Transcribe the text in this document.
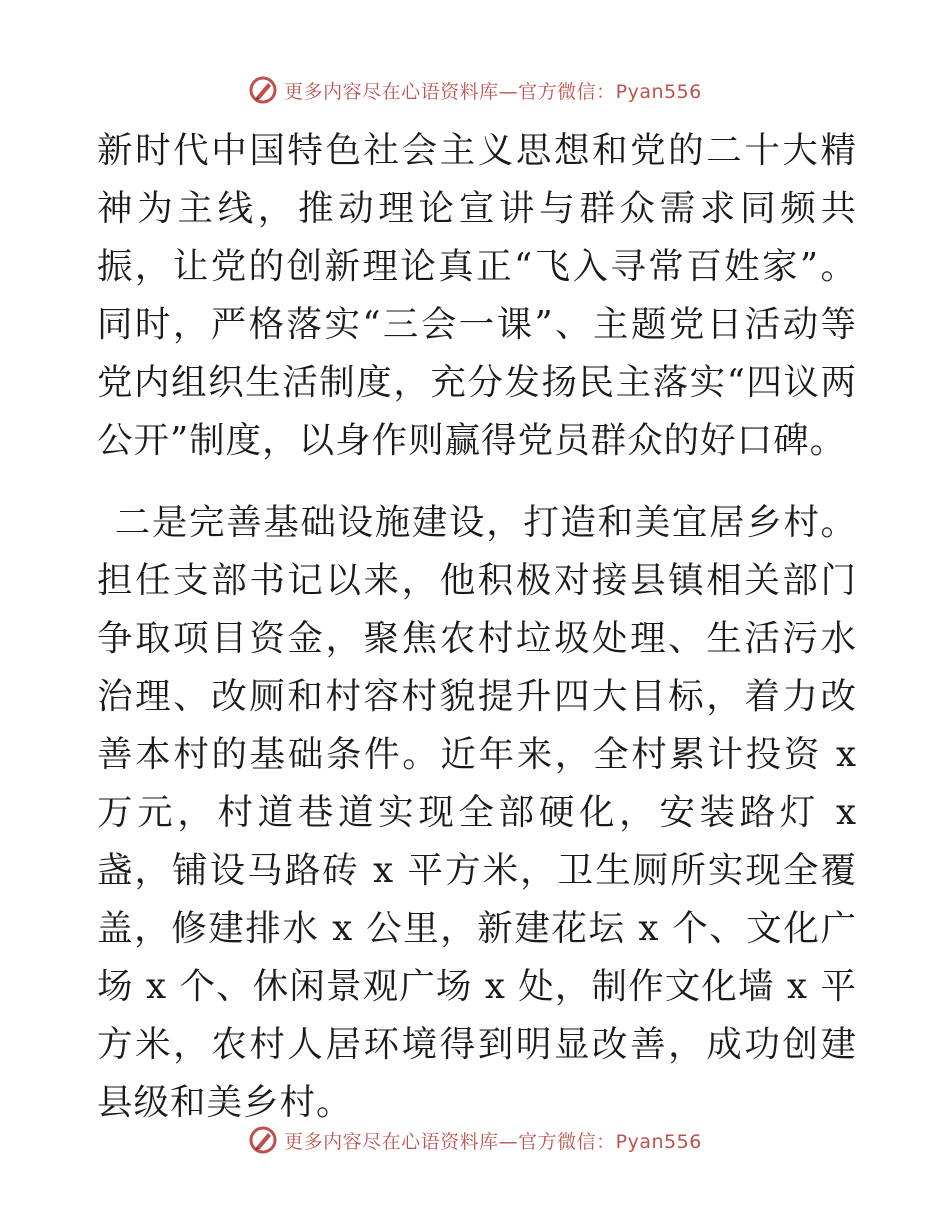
更多内容尽在心语资料库—官方微信：Pyan556

新时代中国特色社会主义思想和党的二十大精神为主线，推动理论宣讲与群众需求同频共振，让党的创新理论真正“飞入寻常百姓家”。同时，严格落实“三会一课”、主题党日活动等党内组织生活制度，充分发扬民主落实“四议两公开”制度，以身作则赢得党员群众的好口碑。

二是完善基础设施建设，打造和美宜居乡村。担任支部书记以来，他积极对接县镇相关部门争取项目资金，聚焦农村垃圾处理、生活污水治理、改厕和村容村貌提升四大目标，着力改善本村的基础条件。近年来，全村累计投资 x 万元，村道巷道实现全部硬化，安装路灯 x 盏，铺设马路砖 x 平方米，卫生厕所实现全覆盖，修建排水 x 公里，新建花坛 x 个、文化广场 x 个、休闲景观广场 x 处，制作文化墙 x 平方米，农村人居环境得到明显改善，成功创建县级和美乡村。

更多内容尽在心语资料库—官方微信：Pyan556
